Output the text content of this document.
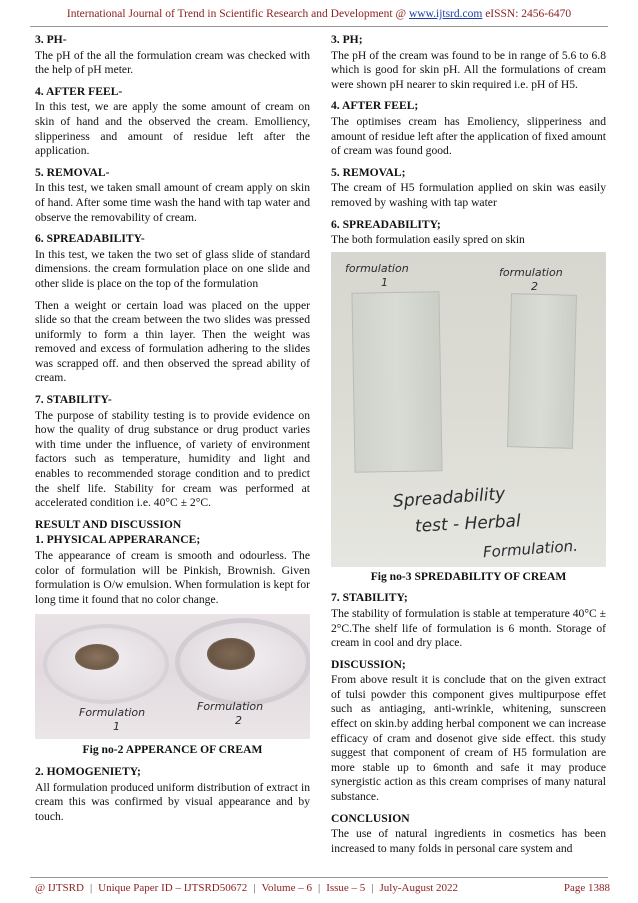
International Journal of Trend in Scientific Research and Development @ www.ijtsrd.com eISSN: 2456-6470
3. PH-

The pH of the all the formulation cream was checked with the help of pH meter.

4. AFTER FEEL-

In this test, we are apply the some amount of cream on skin of hand and the observed the cream. Emolliency, slipperiness and amount of residue left after the application.

5. REMOVAL-

In this test, we taken small amount of cream apply on skin of hand. After some time wash the hand with tap water and observe the removability of cream.

6. SPREADABILITY-

In this test, we taken the two set of glass slide of standard dimensions. the cream formulation place on one slide and other slide is place on the top of the formulation

Then a weight or certain load was placed on the upper slide so that the cream between the two slides was pressed uniformly to form a thin layer. Then the weight was removed and excess of formulation adhering to the slides was scrapped off. and then observed the spread ability of cream.

7. STABILITY-

The purpose of stability testing is to provide evidence on how the quality of drug substance or drug product varies with time under the influence, of variety of environment factors such as temperature, humidity and light and enables to recommended storage condition and to predict the shelf life. Stability for cream was performed at accelerated condition i.e. 40°C ± 2°C.

RESULT AND DISCUSSION
1. PHYSICAL APPERARANCE;

The appearance of cream is smooth and odourless. The color of formulation will be Pinkish, Brownish. Given formulation is O/w emulsion. When formulation is kept for long time it found that no color change.

Formulation
1
Formulation
2
Fig no-2 APPERANCE OF CREAM
2. HOMOGENIETY;

All formulation produced uniform distribution of extract in cream this was confirmed by visual appearance and by touch.

3. PH;

The pH of the cream was found to be in range of 5.6 to 6.8 which is good for skin pH. All the formulations of cream were shown pH nearer to skin required i.e. pH of H5.

4. AFTER FEEL;

The optimises cream has Emoliency, slipperiness and amount of residue left after the application of fixed amount of cream was found good.

5. REMOVAL;

The cream of H5 formulation applied on skin was easily removed by washing with tap water

6. SPREADABILITY;

The both formulation easily spred on skin

formulation
1
formulation
2
Spreadability
test - Herbal
Formulation.
Fig no-3 SPREDABILITY OF CREAM
7. STABILITY;

The stability of formulation is stable at temperature 40°C ± 2°C.The shelf life of formulation is 6 month. Storage of cream in cool and dry place.

DISCUSSION;

From above result it is conclude that on the given extract of tulsi powder this component gives multipurpose effet such as antiaging, anti-wrinkle, whitening, sunscreen effect on skin.by adding herbal component we can increase efficacy of cram and dosenot give side effect. this study suggest that component of cream of H5 formulation are more stable up to 6month and safe it may produce synergistic action as this cream comprises of many natural substance.

CONCLUSION

The use of natural ingredients in cosmetics has been increased to many folds in personal care system and

@ IJTSRD | Unique Paper ID – IJTSRD50672 | Volume – 6 | Issue – 5 | July-August 2022	Page 1388
